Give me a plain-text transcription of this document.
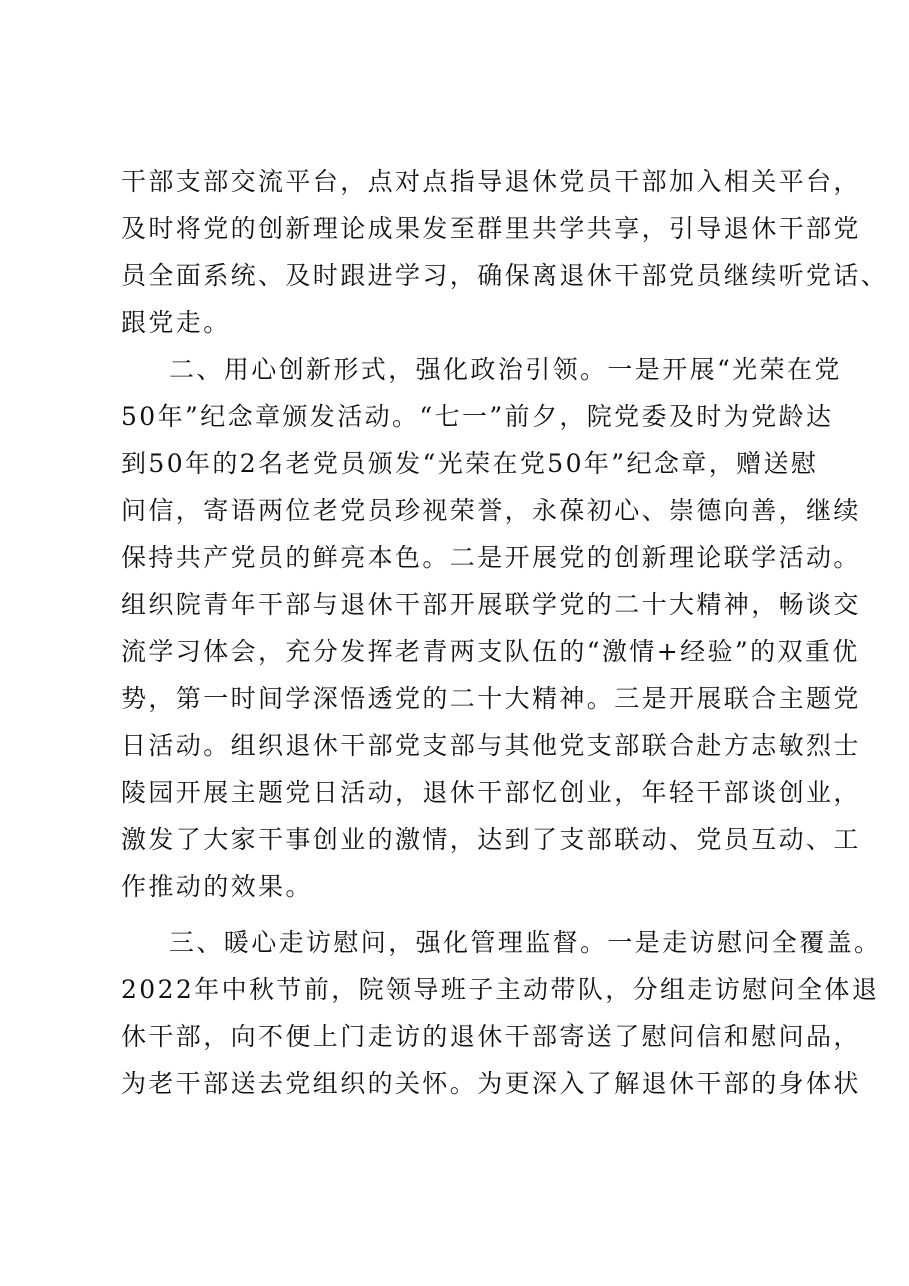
干部支部交流平台，点对点指导退休党员干部加入相关平台，
及时将党的创新理论成果发至群里共学共享，引导退休干部党
员全面系统、及时跟进学习，确保离退休干部党员继续听党话、
跟党走。
二、用心创新形式，强化政治引领。一是开展“光荣在党
50年”纪念章颁发活动。“七一”前夕，院党委及时为党龄达
到50年的2名老党员颁发“光荣在党50年”纪念章，赠送慰
问信，寄语两位老党员珍视荣誉，永葆初心、崇德向善，继续
保持共产党员的鲜亮本色。二是开展党的创新理论联学活动。
组织院青年干部与退休干部开展联学党的二十大精神，畅谈交
流学习体会，充分发挥老青两支队伍的“激情+经验”的双重优
势，第一时间学深悟透党的二十大精神。三是开展联合主题党
日活动。组织退休干部党支部与其他党支部联合赴方志敏烈士
陵园开展主题党日活动，退休干部忆创业，年轻干部谈创业，
激发了大家干事创业的激情，达到了支部联动、党员互动、工
作推动的效果。
三、暖心走访慰问，强化管理监督。一是走访慰问全覆盖。
2022年中秋节前，院领导班子主动带队，分组走访慰问全体退
休干部，向不便上门走访的退休干部寄送了慰问信和慰问品，
为老干部送去党组织的关怀。为更深入了解退休干部的身体状
